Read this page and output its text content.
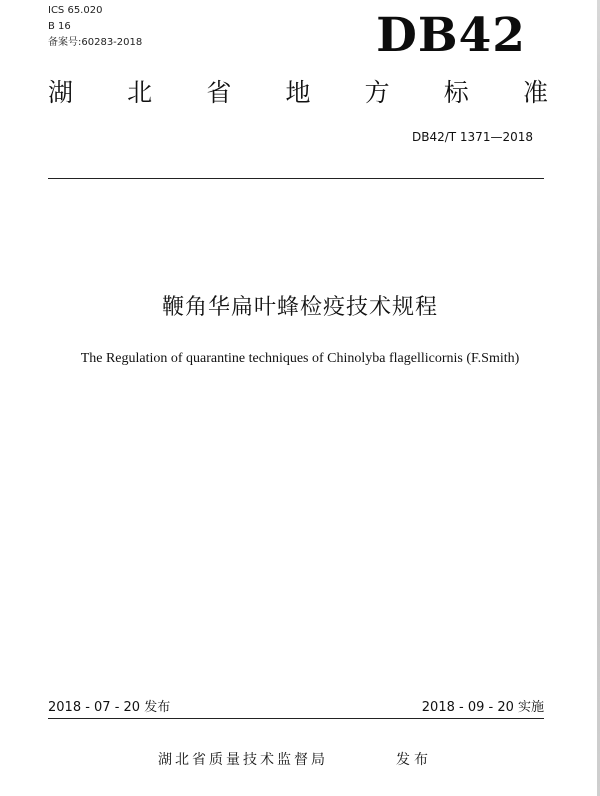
ICS 65.020
B 16
备案号:60283-2018	DB42
湖 北 省 地 方 标 准
DB42/T 1371—2018
鞭角华扁叶蜂检疫技术规程
The Regulation of quarantine techniques of Chinolyba flagellicornis (F.Smith)
2018 - 07 - 20 发布	2018 - 09 - 20 实施
湖北省质量技术监督局	发布
